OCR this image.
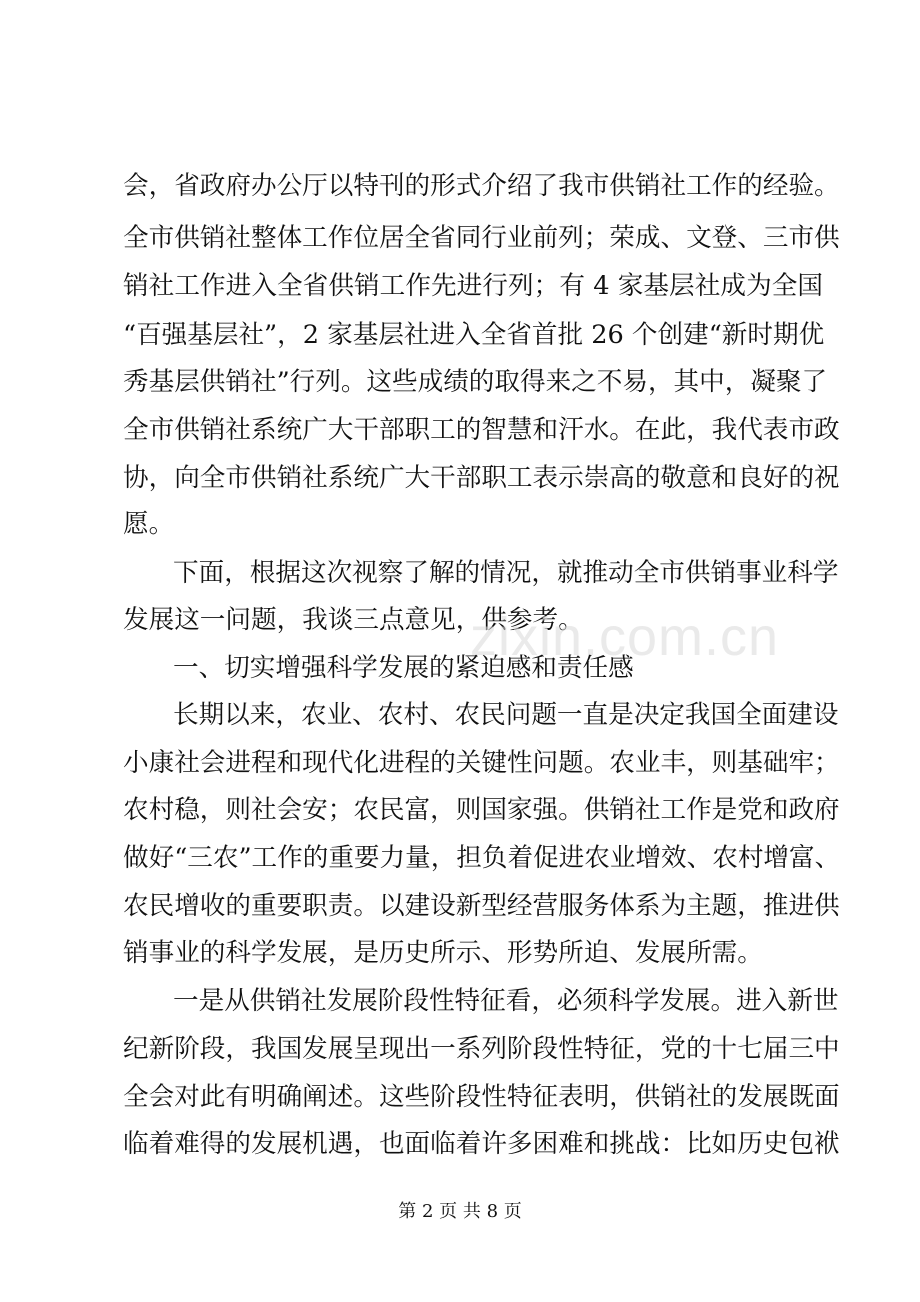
会，省政府办公厅以特刊的形式介绍了我市供销社工作的经验。
全市供销社整体工作位居全省同行业前列；荣成、文登、三市供
销社工作进入全省供销工作先进行列；有 4 家基层社成为全国
“百强基层社”，2 家基层社进入全省首批 26 个创建“新时期优
秀基层供销社”行列。这些成绩的取得来之不易，其中，凝聚了
全市供销社系统广大干部职工的智慧和汗水。在此，我代表市政
协，向全市供销社系统广大干部职工表示崇高的敬意和良好的祝
愿。
下面，根据这次视察了解的情况，就推动全市供销事业科学
发展这一问题，我谈三点意见，供参考。
一、切实增强科学发展的紧迫感和责任感
长期以来，农业、农村、农民问题一直是决定我国全面建设
小康社会进程和现代化进程的关键性问题。农业丰，则基础牢；
农村稳，则社会安；农民富，则国家强。供销社工作是党和政府
做好“三农”工作的重要力量，担负着促进农业增效、农村增富、
农民增收的重要职责。以建设新型经营服务体系为主题，推进供
销事业的科学发展，是历史所示、形势所迫、发展所需。
一是从供销社发展阶段性特征看，必须科学发展。进入新世
纪新阶段，我国发展呈现出一系列阶段性特征，党的十七届三中
全会对此有明确阐述。这些阶段性特征表明，供销社的发展既面
临着难得的发展机遇，也面临着许多困难和挑战：比如历史包袱
zixin.com.cn
第 2 页 共 8 页
